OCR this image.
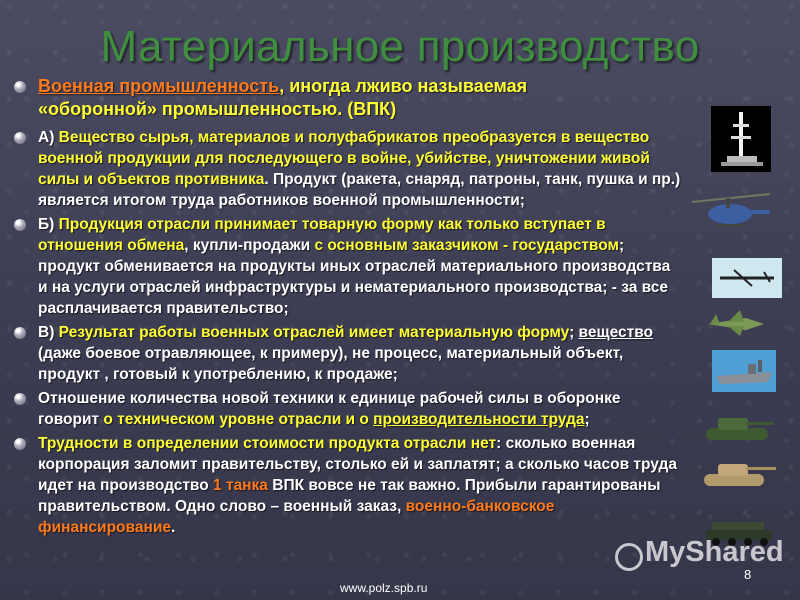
Материальное производство
Военная промышленность, иногда лживо называемая
«оборонной» промышленностью. (ВПК)
А) Вещество сырья, материалов и полуфабрикатов преобразуется в вещество военной продукции для последующего в войне, убийстве, уничтожении живой силы и объектов противника. Продукт (ракета, снаряд, патроны, танк, пушка и пр.) является итогом труда работников военной промышленности;
Б) Продукция отрасли принимает товарную форму как только вступает в отношения обмена, купли-продажи с основным заказчиком - государством; продукт обменивается на продукты иных отраслей материального производства и на услуги отраслей инфраструктуры и нематериального производства; - за все расплачивается правительство;
В) Результат работы военных отраслей имеет материальную форму; вещество (даже боевое отравляющее, к примеру), не процесс, материальный объект, продукт , готовый к употреблению, к продаже;
Отношение количества новой техники к единице рабочей силы в оборонке говорит о техническом уровне отрасли и о производительности труда;
Трудности в определении стоимости продукта отрасли нет: сколько военная корпорация заломит правительству, столько ей и заплатят; а сколько часов труда идет на производство 1 танка ВПК вовсе не так важно. Прибыли гарантированы правительством. Одно слово – военный заказ, военно-банковское финансирование.
MyShared
www.polz.spb.ru
8
